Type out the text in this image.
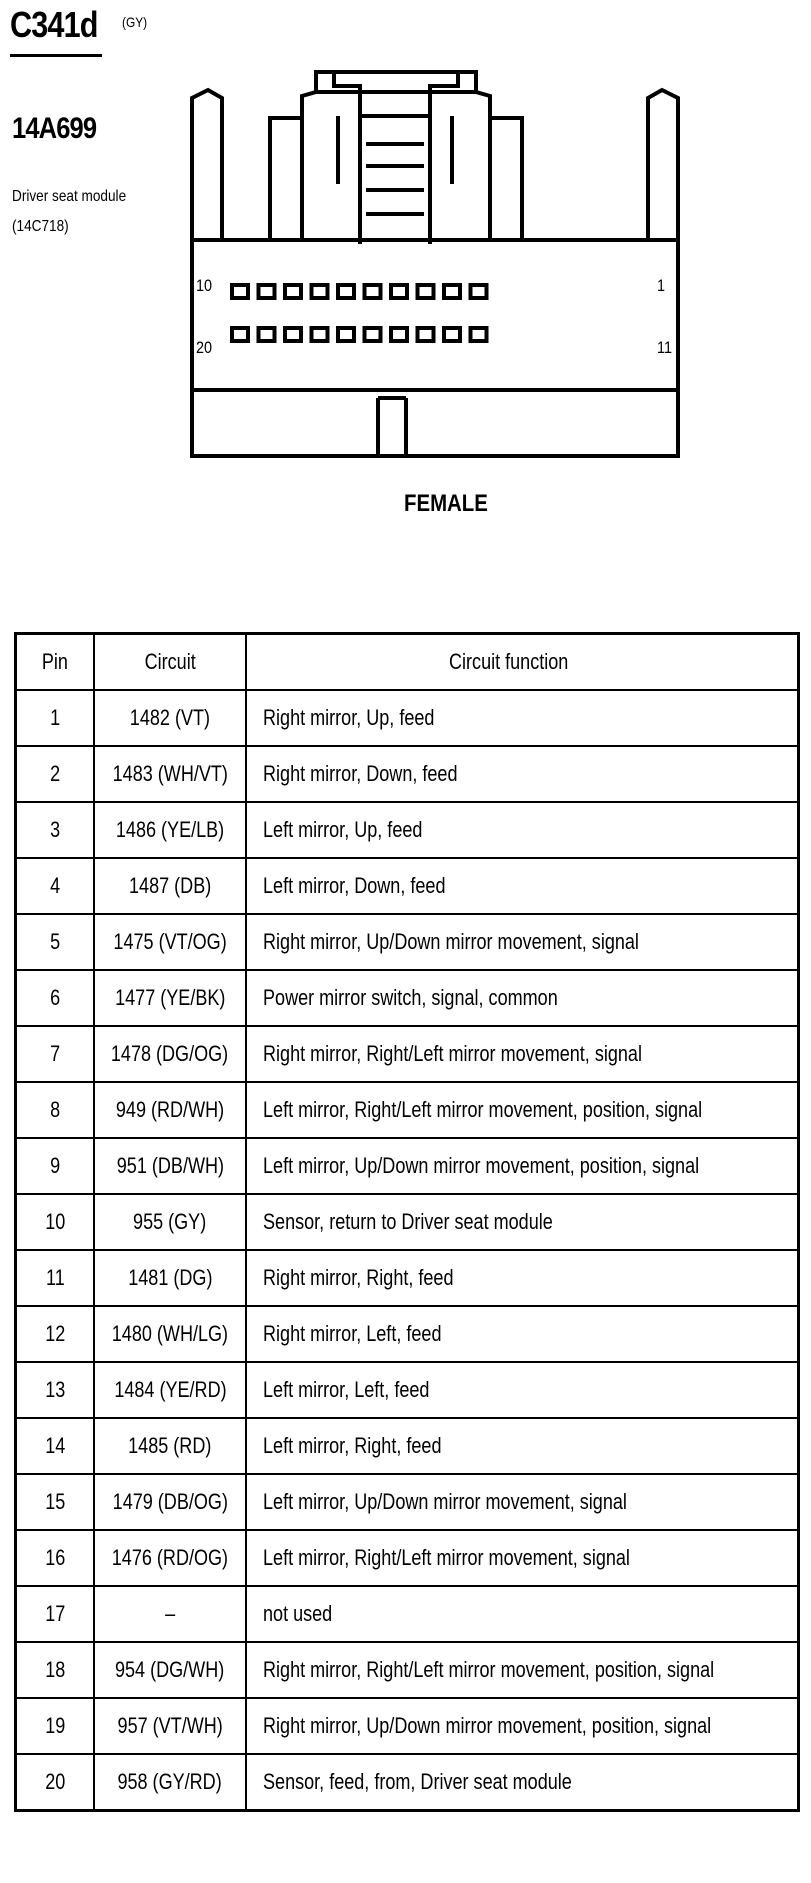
C341d (GY)
14A699
Driver seat module
(14C718)
10	1
20	11
FEMALE
Pin	Circuit	Circuit function
1	1482 (VT)	Right mirror, Up, feed
2	1483 (WH/VT)	Right mirror, Down, feed
3	1486 (YE/LB)	Left mirror, Up, feed
4	1487 (DB)	Left mirror, Down, feed
5	1475 (VT/OG)	Right mirror, Up/Down mirror movement, signal
6	1477 (YE/BK)	Power mirror switch, signal, common
7	1478 (DG/OG)	Right mirror, Right/Left mirror movement, signal
8	949 (RD/WH)	Left mirror, Right/Left mirror movement, position, signal
9	951 (DB/WH)	Left mirror, Up/Down mirror movement, position, signal
10	955 (GY)	Sensor, return to Driver seat module
11	1481 (DG)	Right mirror, Right, feed
12	1480 (WH/LG)	Right mirror, Left, feed
13	1484 (YE/RD)	Left mirror, Left, feed
14	1485 (RD)	Left mirror, Right, feed
15	1479 (DB/OG)	Left mirror, Up/Down mirror movement, signal
16	1476 (RD/OG)	Left mirror, Right/Left mirror movement, signal
17	–	not used
18	954 (DG/WH)	Right mirror, Right/Left mirror movement, position, signal
19	957 (VT/WH)	Right mirror, Up/Down mirror movement, position, signal
20	958 (GY/RD)	Sensor, feed, from, Driver seat module
